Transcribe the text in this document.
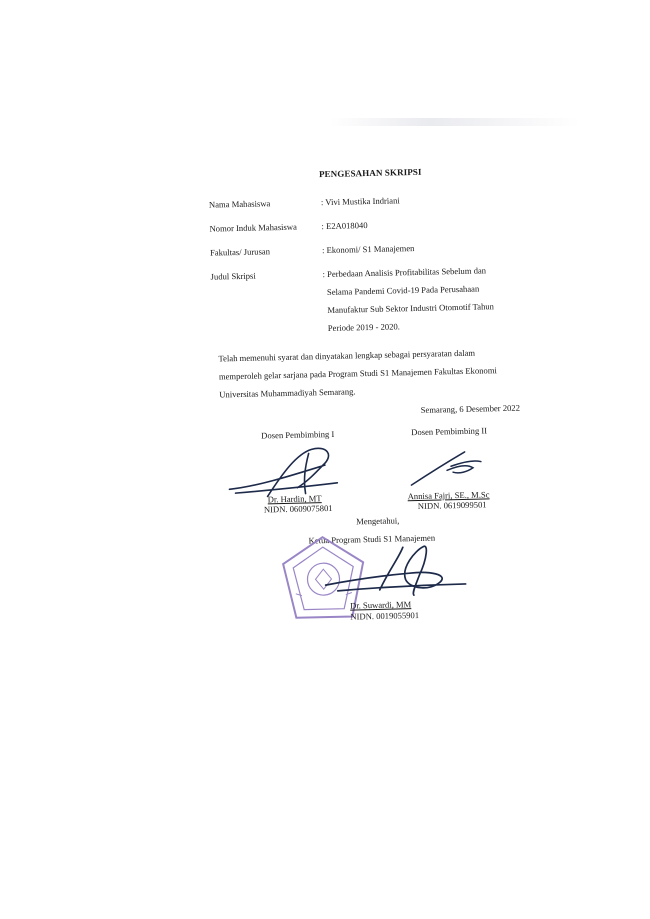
PENGESAHAN SKRIPSI
Nama Mahasiswa	: Vivi Mustika Indriani
Nomor Induk Mahasiswa	: E2A018040
Fakultas/ Jurusan	: Ekonomi/ S1 Manajemen
Judul Skripsi	: Perbedaan Analisis Profitabilitas Sebelum dan
Selama Pandemi Covid-19 Pada Perusahaan
Manufaktur Sub Sektor Industri Otomotif Tahun
Periode 2019 - 2020.
Telah memenuhi syarat dan dinyatakan lengkap sebagai persyaratan dalam
memperoleh gelar sarjana pada Program Studi S1 Manajemen Fakultas Ekonomi
Universitas Muhammadiyah Semarang.
Semarang, 6 Desember 2022
Dosen Pembimbing I	Dosen Pembimbing II
Dr. Hardin, MT
NIDN. 0609075801
Annisa Fajri, SE., M.Sc
NIDN. 0619099501
Mengetahui,
Ketua Program Studi S1 Manajemen
Dr. Suwardi, MM
NIDN. 0019055901
